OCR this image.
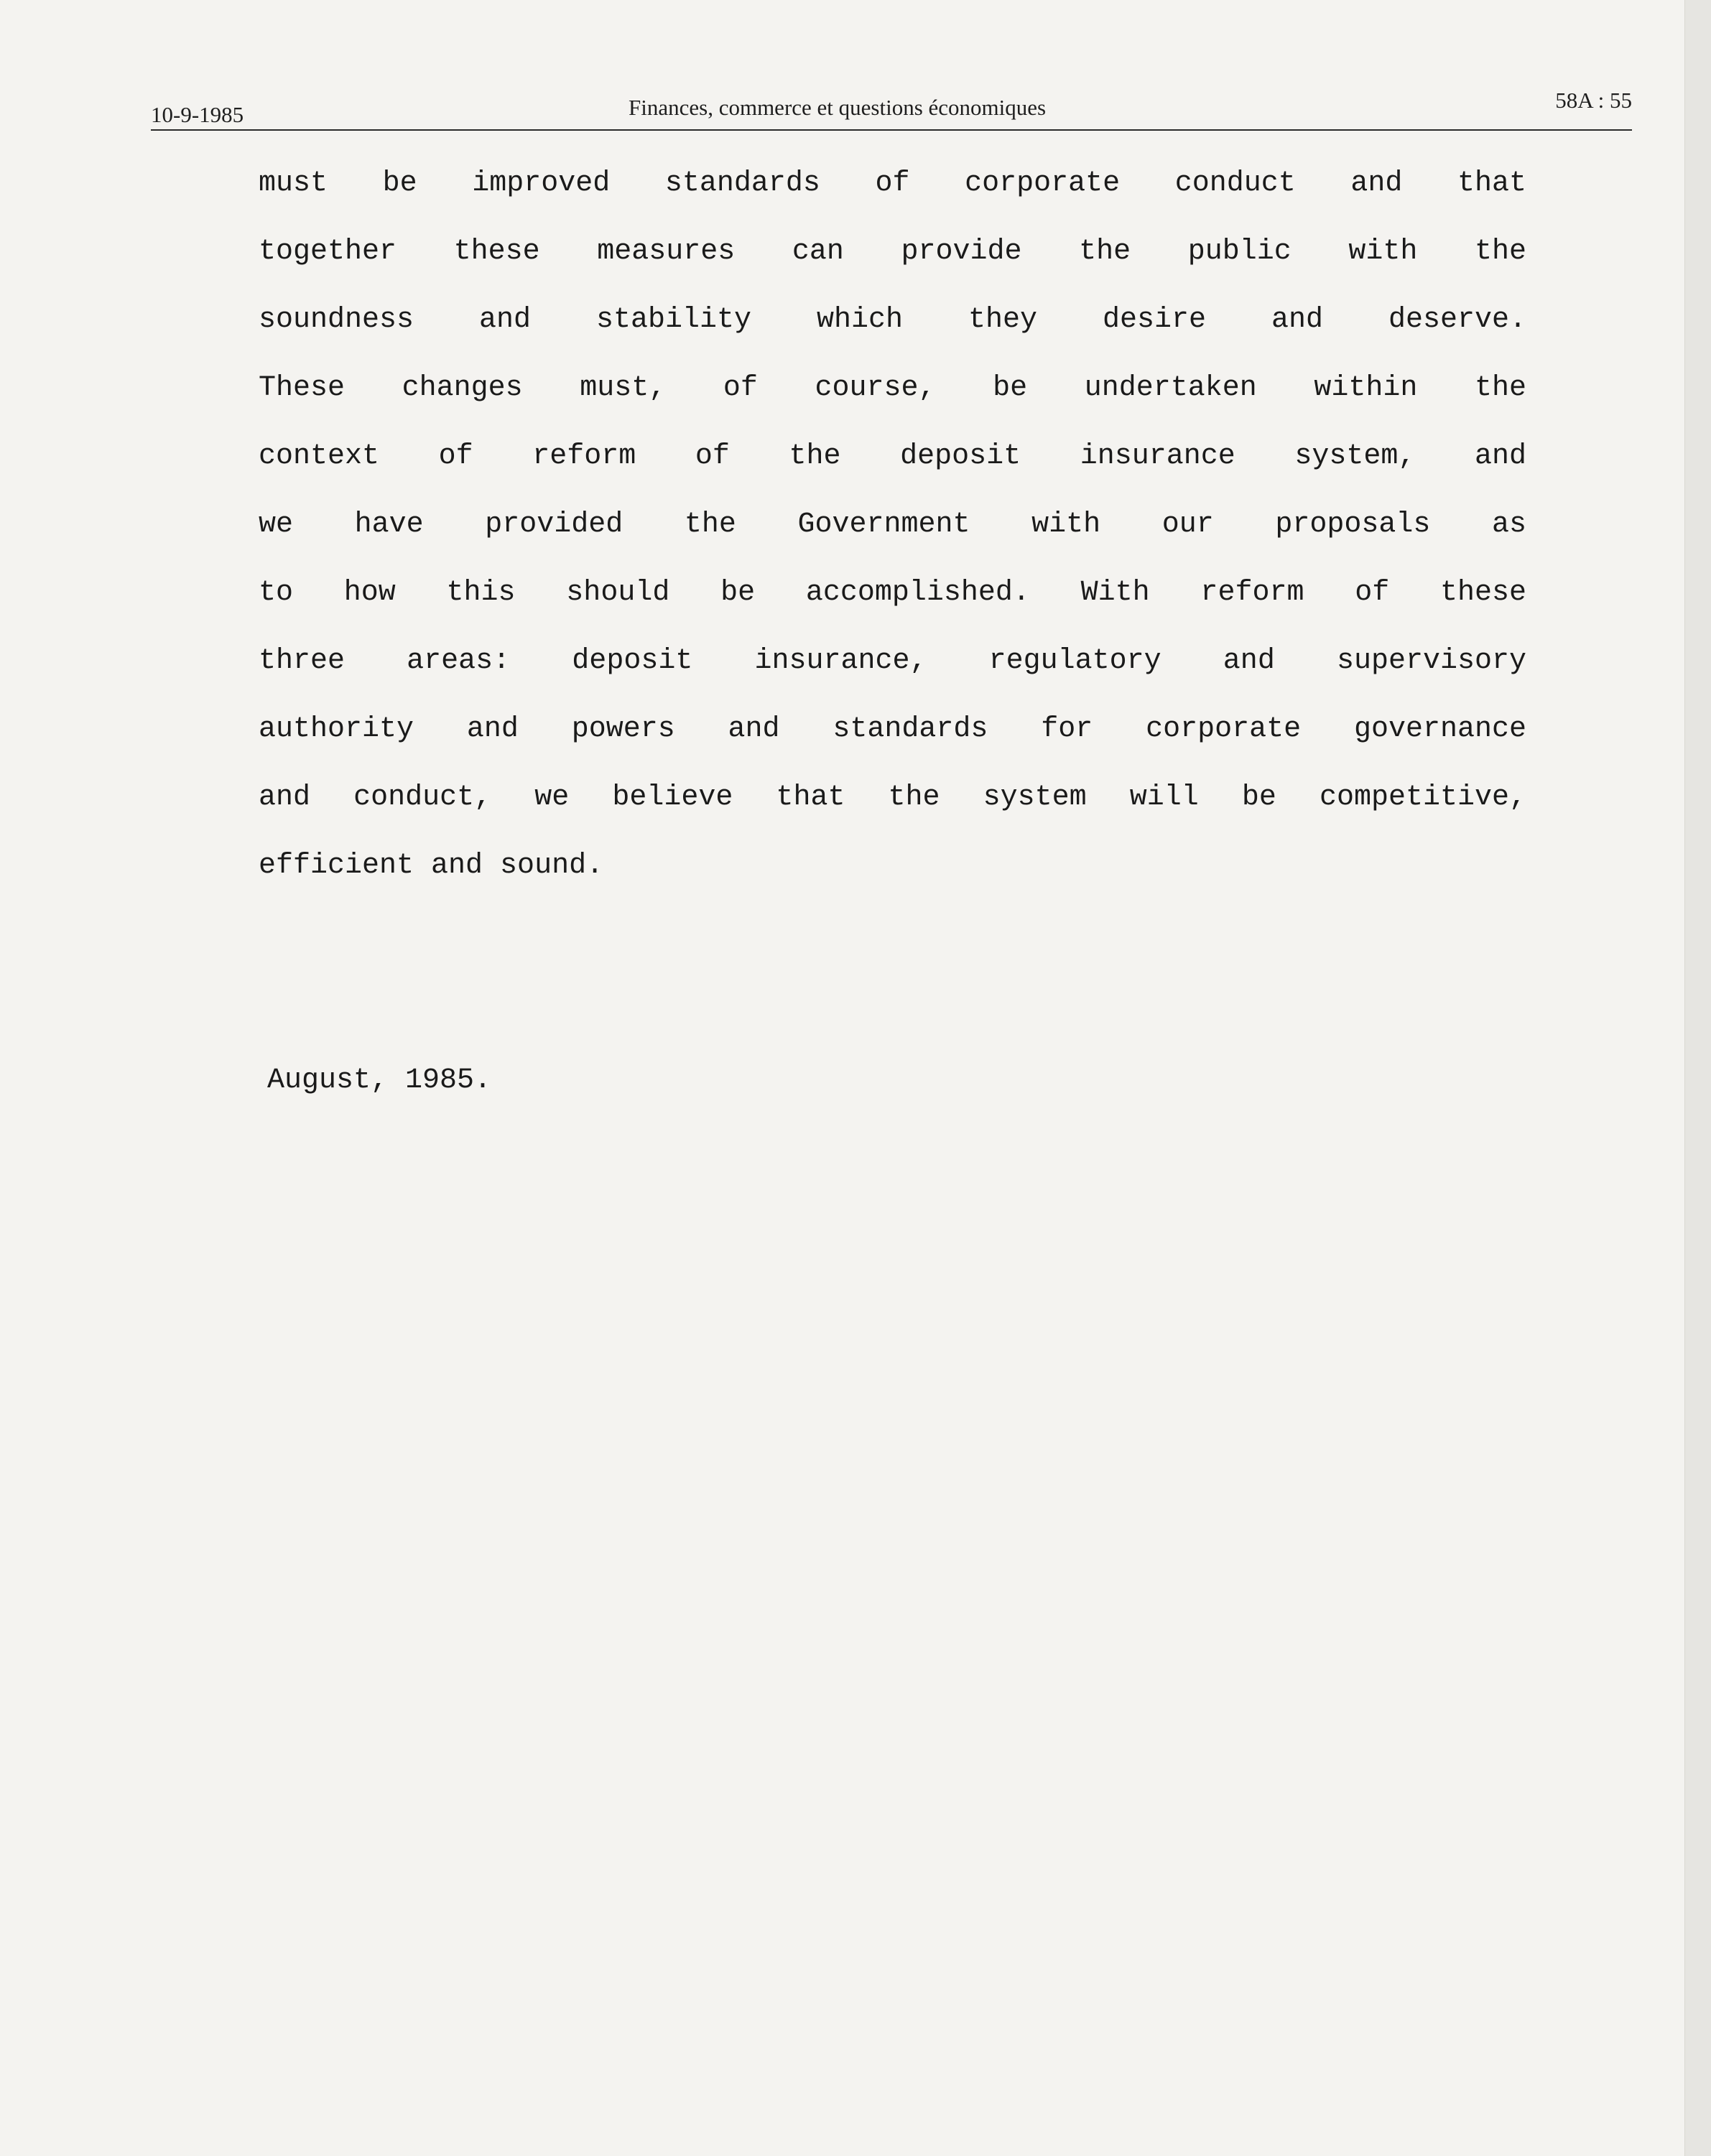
10-9-1985	Finances, commerce et questions économiques	58A : 55
must be improved standards of corporate conduct and that
together these measures can provide the public with the
soundness and stability which they desire and deserve.
These changes must, of course, be undertaken within the
context of reform of the deposit insurance system, and
we have provided the Government with our proposals as
to how this should be accomplished. With reform of these
three areas: deposit insurance, regulatory and supervisory
authority and powers and standards for corporate governance
and conduct, we believe that the system will be competitive,
efficient and sound.
August, 1985.
